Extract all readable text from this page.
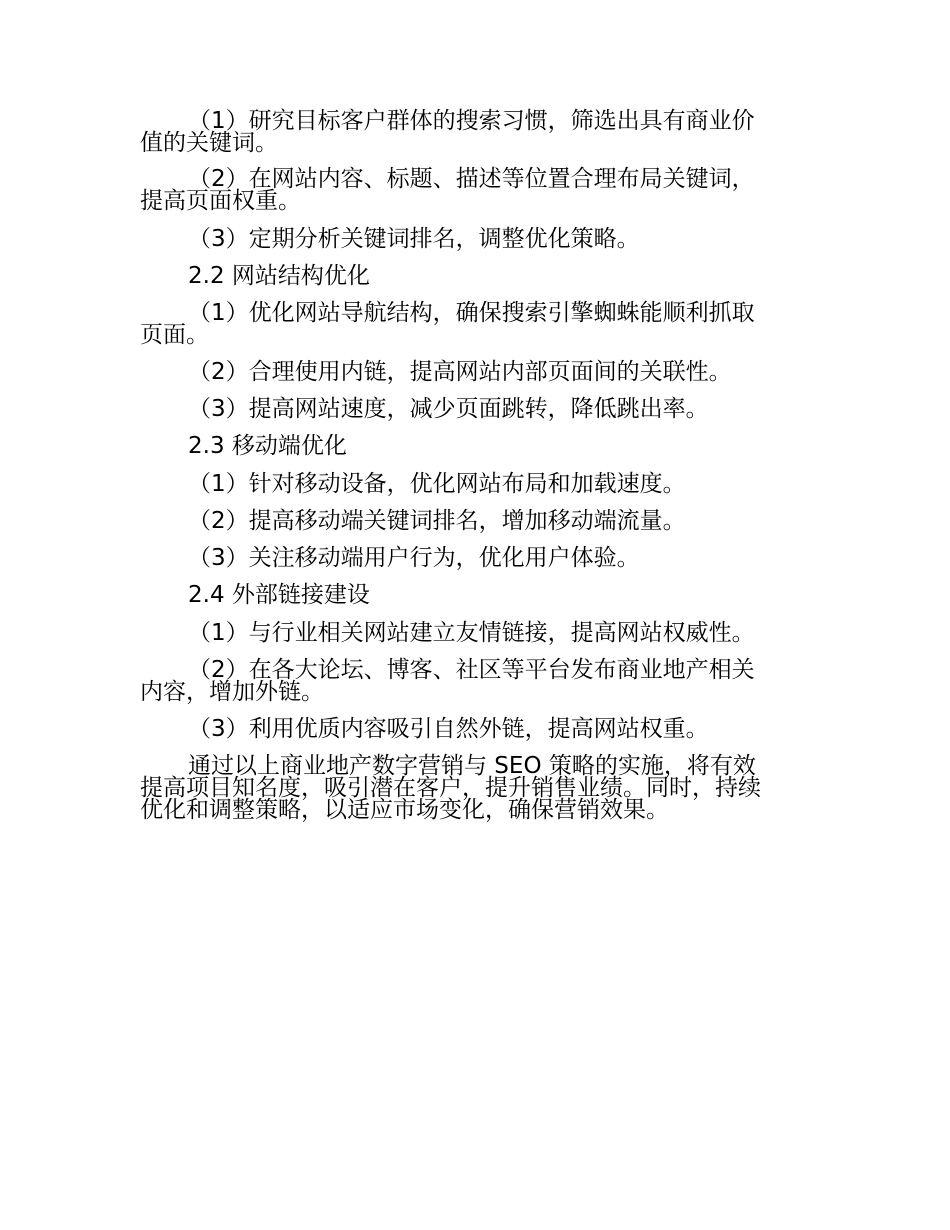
（1）研究目标客户群体的搜索习惯，筛选出具有商业价

值的关键词。

（2）在网站内容、标题、描述等位置合理布局关键词，

提高页面权重。

（3）定期分析关键词排名，调整优化策略。

2.2 网站结构优化

（1）优化网站导航结构，确保搜索引擎蜘蛛能顺利抓取

页面。

（2）合理使用内链，提高网站内部页面间的关联性。

（3）提高网站速度，减少页面跳转，降低跳出率。

2.3 移动端优化

（1）针对移动设备，优化网站布局和加载速度。

（2）提高移动端关键词排名，增加移动端流量。

（3）关注移动端用户行为，优化用户体验。

2.4 外部链接建设

（1）与行业相关网站建立友情链接，提高网站权威性。

（2）在各大论坛、博客、社区等平台发布商业地产相关

内容，增加外链。

（3）利用优质内容吸引自然外链，提高网站权重。

通过以上商业地产数字营销与 SEO 策略的实施，将有效

提高项目知名度，吸引潜在客户，提升销售业绩。同时，持续

优化和调整策略，以适应市场变化，确保营销效果。
